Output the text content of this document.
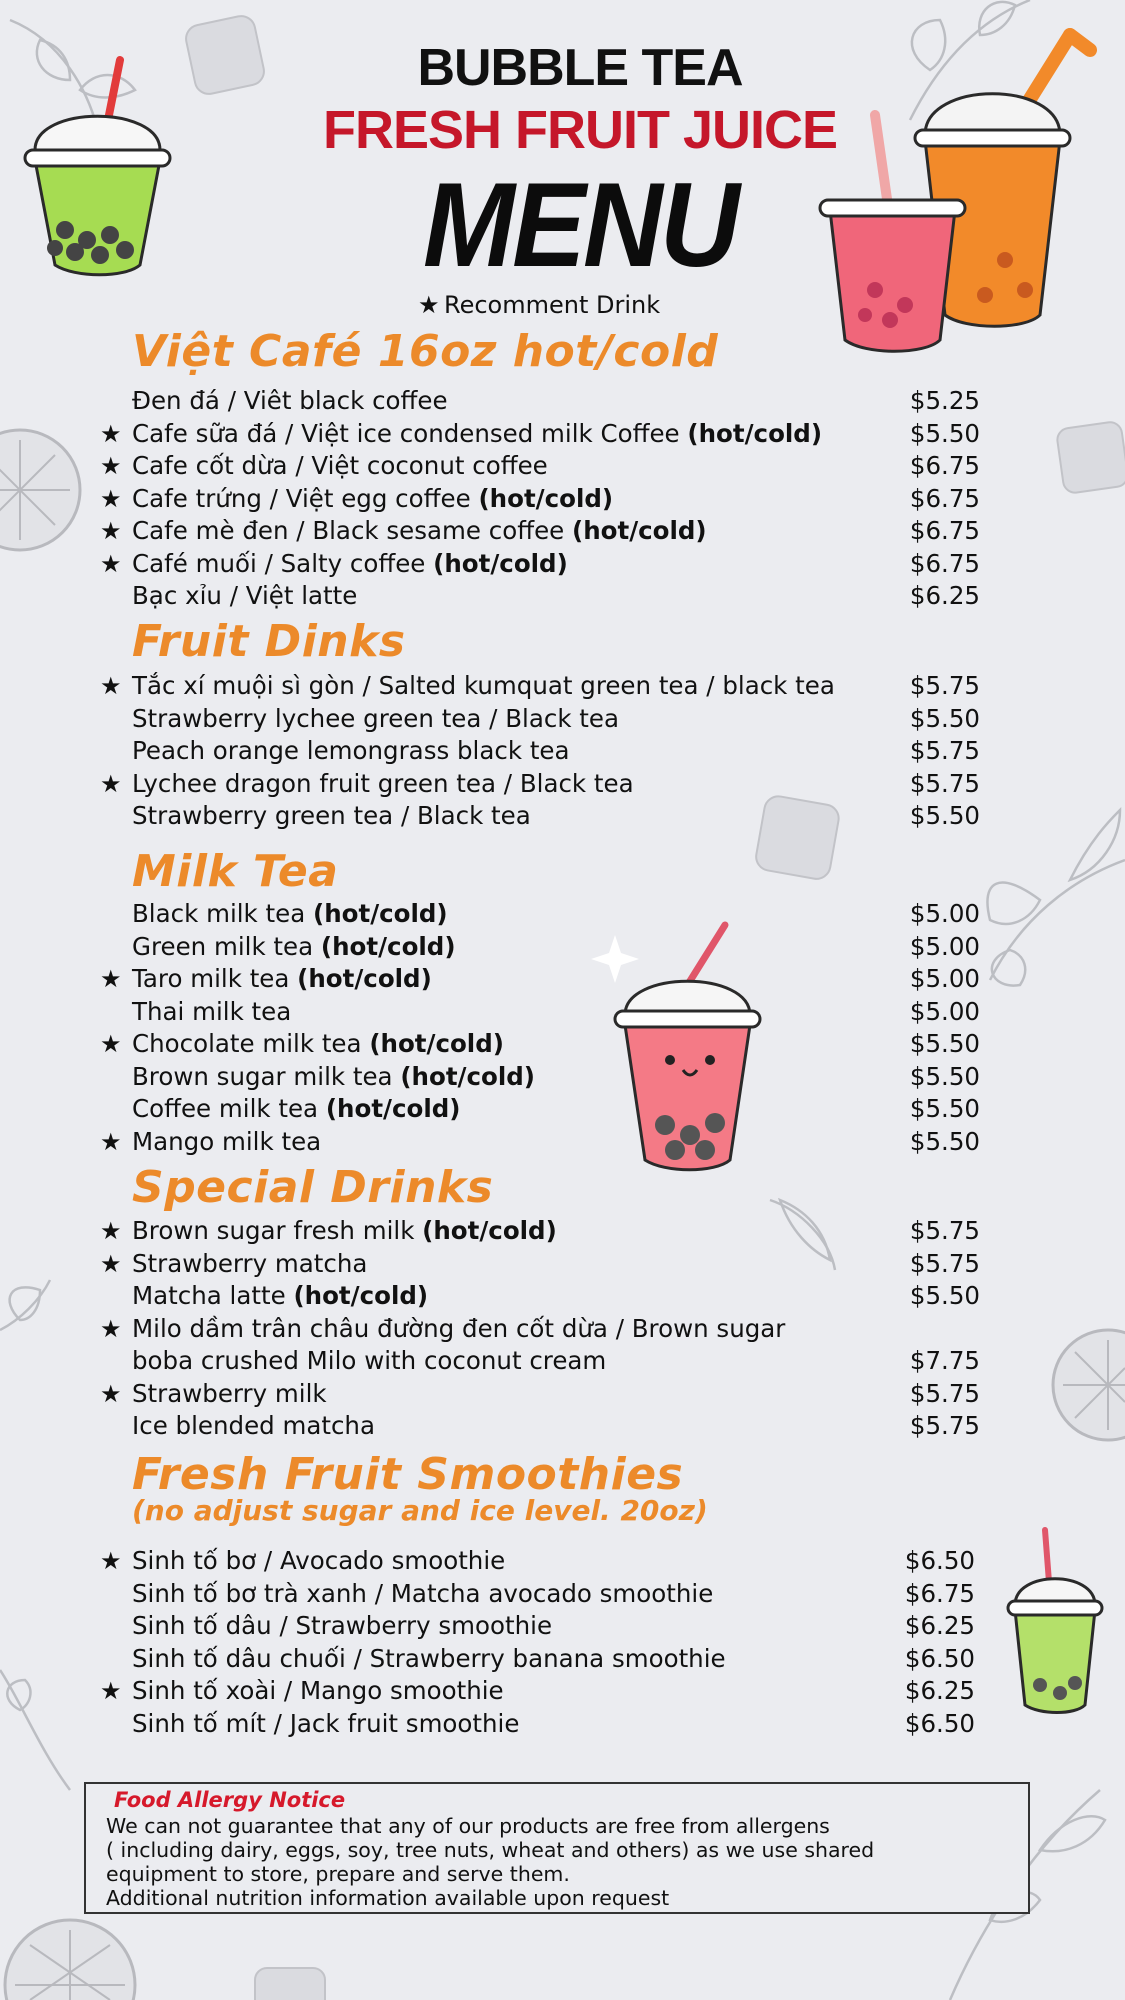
BUBBLE TEA
FRESH FRUIT JUICE
MENU
★ Recomment Drink
Việt Café 16oz hot/cold
Fruit Dinks
Milk Tea
Special Drinks
Fresh Fruit Smoothies
(no adjust sugar and ice level. 20oz)
Đen đá / Viêt black coffee	$5.25
★ Cafe sữa đá / Việt ice condensed milk Coffee (hot/cold)	$5.50
★ Cafe cốt dừa / Việt coconut coffee	$6.75
★ Cafe trứng / Việt egg coffee (hot/cold)	$6.75
★ Cafe mè đen / Black sesame coffee (hot/cold)	$6.75
★ Café muối / Salty coffee (hot/cold)	$6.75
Bạc xỉu / Việt latte	$6.25
★ Tắc xí muội sì gòn / Salted kumquat green tea / black tea	$5.75
Strawberry lychee green tea / Black tea	$5.50
Peach orange lemongrass black tea	$5.75
★ Lychee dragon fruit green tea / Black tea	$5.75
Strawberry green tea / Black tea	$5.50
Black milk tea (hot/cold)	$5.00
Green milk tea (hot/cold)	$5.00
★ Taro milk tea (hot/cold)	$5.00
Thai milk tea	$5.00
★ Chocolate milk tea (hot/cold)	$5.50
Brown sugar milk tea (hot/cold)	$5.50
Coffee milk tea (hot/cold)	$5.50
★ Mango milk tea	$5.50
★ Brown sugar fresh milk (hot/cold)	$5.75
★ Strawberry matcha	$5.75
Matcha latte (hot/cold)	$5.50
★ Milo dầm trân châu đường đen cốt dừa / Brown sugar
boba crushed Milo with coconut cream	$7.75
★ Strawberry milk	$5.75
Ice blended matcha	$5.75
★ Sinh tố bơ / Avocado smoothie	$6.50
Sinh tố bơ trà xanh / Matcha avocado smoothie	$6.75
Sinh tố dâu / Strawberry smoothie	$6.25
Sinh tố dâu chuối / Strawberry banana smoothie	$6.50
★ Sinh tố xoài / Mango smoothie	$6.25
Sinh tố mít / Jack fruit smoothie	$6.50
Food Allergy Notice
We can not guarantee that any of our products are free from allergens
( including dairy, eggs, soy, tree nuts, wheat and others) as we use shared
equipment to store, prepare and serve them.
Additional nutrition information available upon request
